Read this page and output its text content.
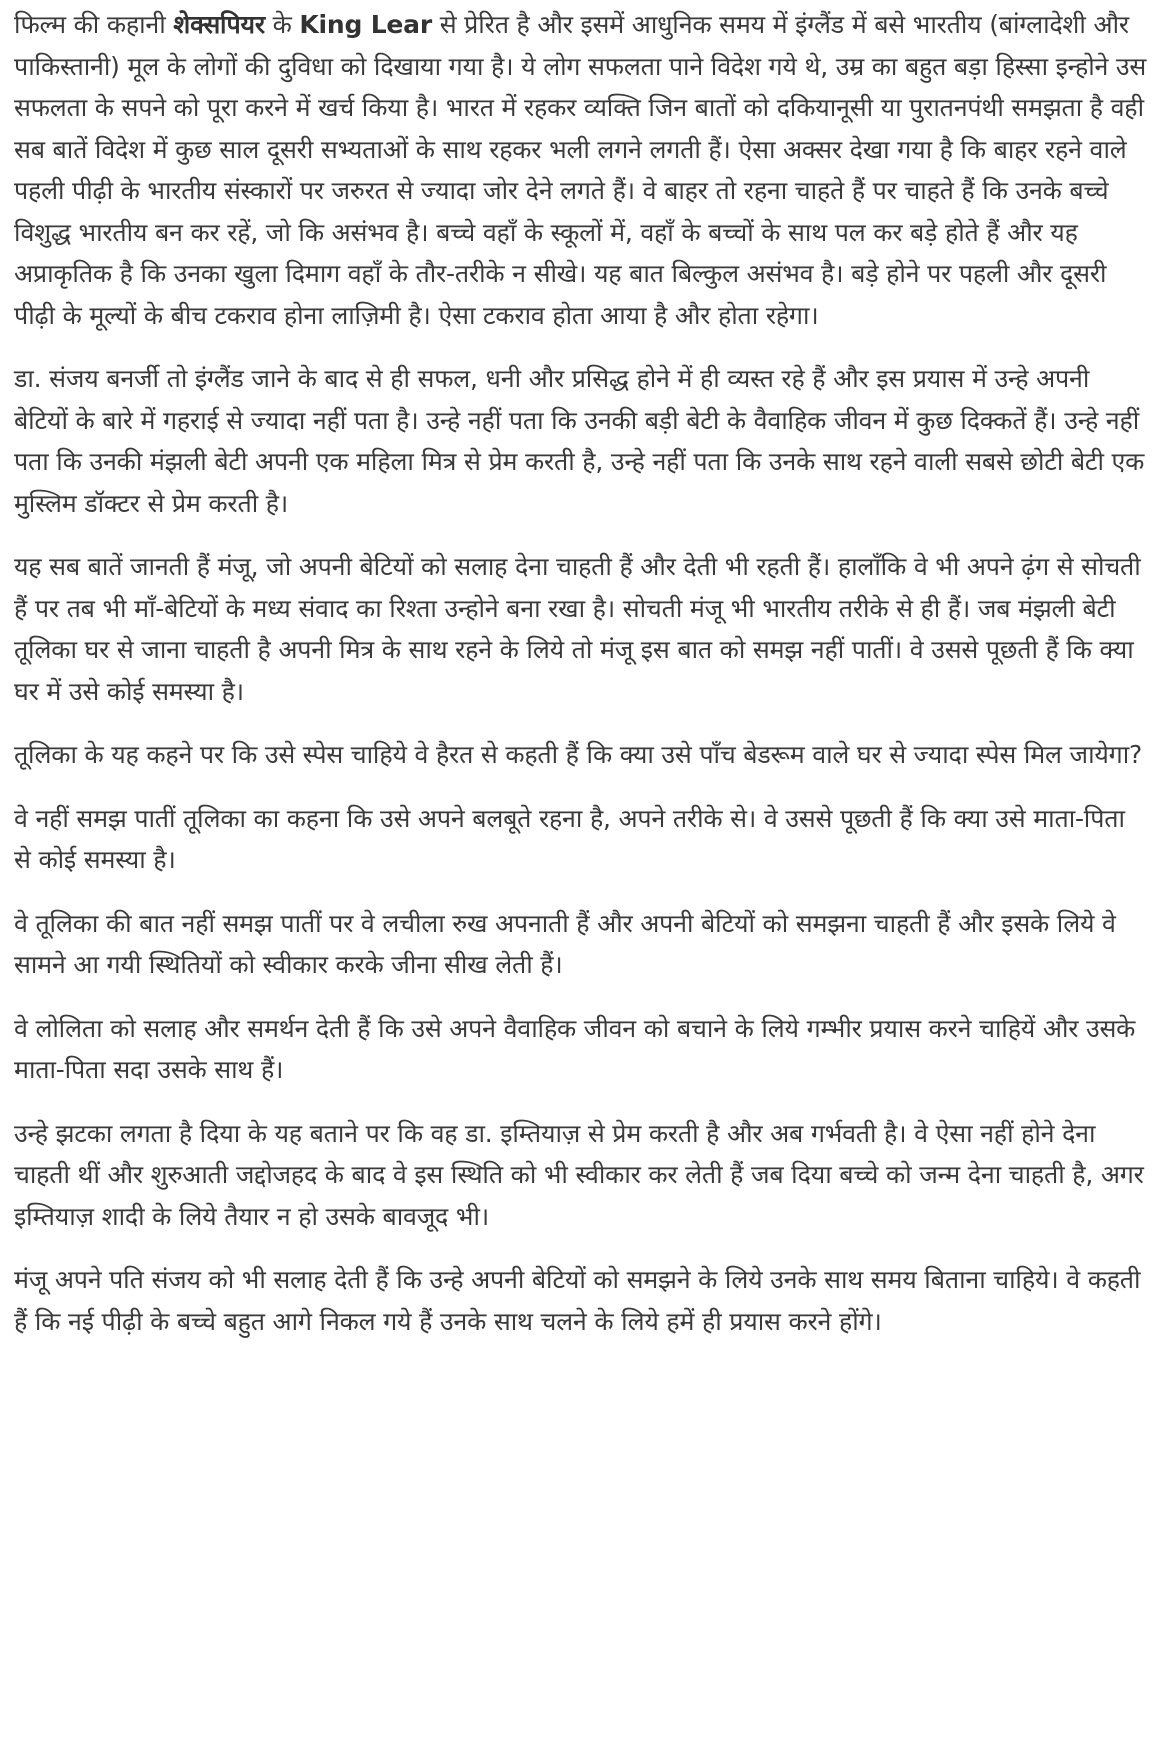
फिल्म की कहानी शेक्सपियर के King Lear से प्रेरित है और इसमें आधुनिक समय में इंग्लैंड में बसे भारतीय (बांग्लादेशी और पाकिस्तानी) मूल के लोगों की दुविधा को दिखाया गया है। ये लोग सफलता पाने विदेश गये थे, उम्र का बहुत बड़ा हिस्सा इन्होने उस सफलता के सपने को पूरा करने में खर्च किया है। भारत में रहकर व्यक्ति जिन बातों को दकियानूसी या पुरातनपंथी समझता है वही सब बातें विदेश में कुछ साल दूसरी सभ्यताओं के साथ रहकर भली लगने लगती हैं। ऐसा अक्सर देखा गया है कि बाहर रहने वाले पहली पीढ़ी के भारतीय संस्कारों पर जरुरत से ज्यादा जोर देने लगते हैं। वे बाहर तो रहना चाहते हैं पर चाहते हैं कि उनके बच्चे विशुद्ध भारतीय बन कर रहें, जो कि असंभव है। बच्चे वहाँ के स्कूलों में, वहाँ के बच्चों के साथ पल कर बड़े होते हैं और यह अप्राकृतिक है कि उनका खुला दिमाग वहाँ के तौर-तरीके न सीखे। यह बात बिल्कुल असंभव है। बड़े होने पर पहली और दूसरी पीढ़ी के मूल्यों के बीच टकराव होना लाज़िमी है। ऐसा टकराव होता आया है और होता रहेगा।

डा. संजय बनर्जी तो इंग्लैंड जाने के बाद से ही सफल, धनी और प्रसिद्ध होने में ही व्यस्त रहे हैं और इस प्रयास में उन्हे अपनी बेटियों के बारे में गहराई से ज्यादा नहीं पता है। उन्हे नहीं पता कि उनकी बड़ी बेटी के वैवाहिक जीवन में कुछ दिक्कतें हैं। उन्हे नहीं पता कि उनकी मंझली बेटी अपनी एक महिला मित्र से प्रेम करती है, उन्हे नहीं पता कि उनके साथ रहने वाली सबसे छोटी बेटी एक मुस्लिम डॉक्टर से प्रेम करती है।

यह सब बातें जानती हैं मंजू, जो अपनी बेटियों को सलाह देना चाहती हैं और देती भी रहती हैं। हालाँकि वे भी अपने ढ़ंग से सोचती हैं पर तब भी माँ-बेटियों के मध्य संवाद का रिश्ता उन्होने बना रखा है। सोचती मंजू भी भारतीय तरीके से ही हैं। जब मंझली बेटी तूलिका घर से जाना चाहती है अपनी मित्र के साथ रहने के लिये तो मंजू इस बात को समझ नहीं पातीं। वे उससे पूछती हैं कि क्या घर में उसे कोई समस्या है।

तूलिका के यह कहने पर कि उसे स्पेस चाहिये वे हैरत से कहती हैं कि क्या उसे पाँच बेडरूम वाले घर से ज्यादा स्पेस मिल जायेगा?

वे नहीं समझ पातीं तूलिका का कहना कि उसे अपने बलबूते रहना है, अपने तरीके से। वे उससे पूछती हैं कि क्या उसे माता-पिता से कोई समस्या है।

वे तूलिका की बात नहीं समझ पातीं पर वे लचीला रुख अपनाती हैं और अपनी बेटियों को समझना चाहती हैं और इसके लिये वे सामने आ गयी स्थितियों को स्वीकार करके जीना सीख लेती हैं।

वे लोलिता को सलाह और समर्थन देती हैं कि उसे अपने वैवाहिक जीवन को बचाने के लिये गम्भीर प्रयास करने चाहियें और उसके माता-पिता सदा उसके साथ हैं।

उन्हे झटका लगता है दिया के यह बताने पर कि वह डा. इम्तियाज़ से प्रेम करती है और अब गर्भवती है। वे ऐसा नहीं होने देना चाहती थीं और शुरुआती जद्दोजहद के बाद वे इस स्थिति को भी स्वीकार कर लेती हैं जब दिया बच्चे को जन्म देना चाहती है, अगर इम्तियाज़ शादी के लिये तैयार न हो उसके बावजूद भी।

मंजू अपने पति संजय को भी सलाह देती हैं कि उन्हे अपनी बेटियों को समझने के लिये उनके साथ समय बिताना चाहिये। वे कहती हैं कि नई पीढ़ी के बच्चे बहुत आगे निकल गये हैं उनके साथ चलने के लिये हमें ही प्रयास करने होंगे।
